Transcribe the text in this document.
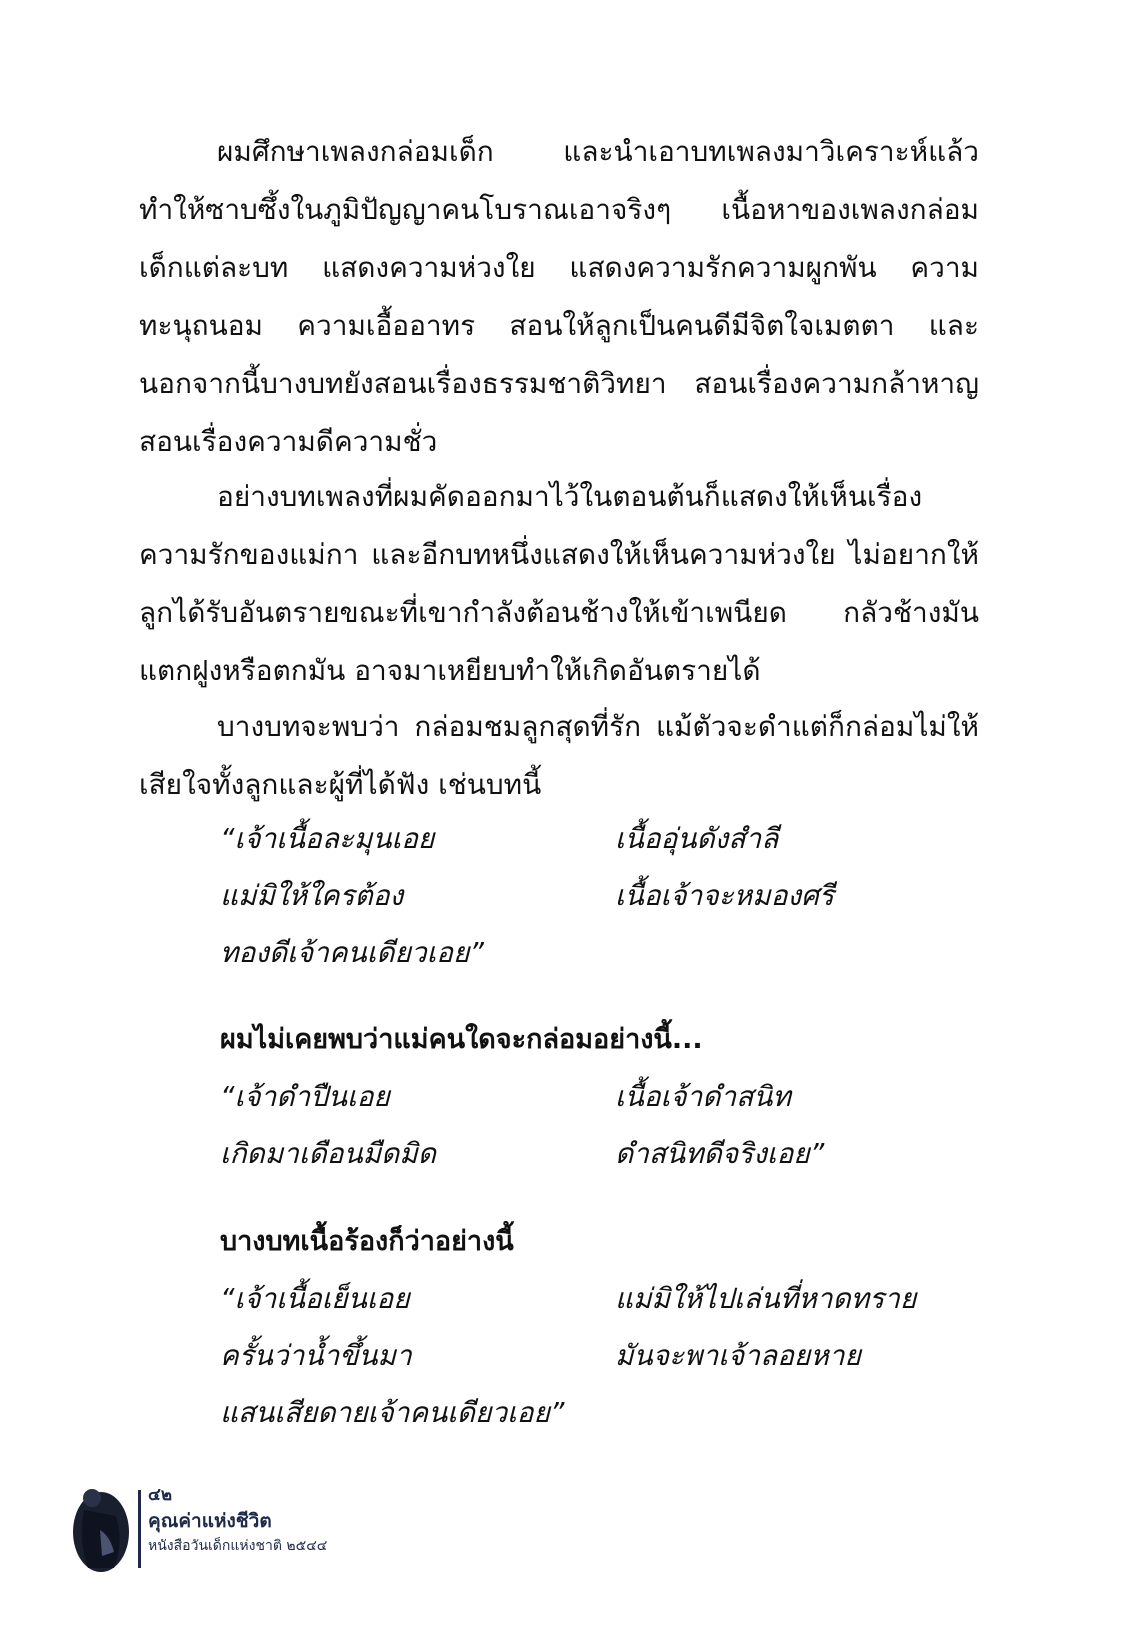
ผมศึกษาเพลงกล่อมเด็ก และนำเอาบทเพลงมาวิเคราะห์แล้ว ทำให้ซาบซึ้งในภูมิปัญญาคนโบราณเอาจริงๆ เนื้อหาของเพลงกล่อมเด็กแต่ละบท แสดงความห่วงใย แสดงความรักความผูกพัน ความทะนุถนอม ความเอื้ออาทร สอนให้ลูกเป็นคนดีมีจิตใจเมตตา และนอกจากนี้บางบทยังสอนเรื่องธรรมชาติวิทยา สอนเรื่องความกล้าหาญ สอนเรื่องความดีความชั่ว
อย่างบทเพลงที่ผมคัดออกมาไว้ในตอนต้นก็แสดงให้เห็นเรื่องความรักของแม่กา และอีกบทหนึ่งแสดงให้เห็นความห่วงใย ไม่อยากให้ลูกได้รับอันตรายขณะที่เขากำลังต้อนช้างให้เข้าเพนียด กลัวช้างมันแตกฝูงหรือตกมัน อาจมาเหยียบทำให้เกิดอันตรายได้
บางบทจะพบว่า กล่อมชมลูกสุดที่รัก แม้ตัวจะดำแต่ก็กล่อมไม่ให้เสียใจทั้งลูกและผู้ที่ได้ฟัง เช่นบทนี้
“เจ้าเนื้อละมุนเอย	เนื้ออุ่นดังสำลี
แม่มิให้ใครต้อง	เนื้อเจ้าจะหมองศรี
ทองดีเจ้าคนเดียวเอย”
ผมไม่เคยพบว่าแม่คนใดจะกล่อมอย่างนี้...
“เจ้าดำปืนเอย	เนื้อเจ้าดำสนิท
เกิดมาเดือนมืดมิด	ดำสนิทดีจริงเอย”
บางบทเนื้อร้องก็ว่าอย่างนี้
“เจ้าเนื้อเย็นเอย	แม่มิให้ไปเล่นที่หาดทราย
ครั้นว่าน้ำขึ้นมา	มันจะพาเจ้าลอยหาย
แสนเสียดายเจ้าคนเดียวเอย”
๔๒
คุณค่าแห่งชีวิต
หนังสือวันเด็กแห่งชาติ ๒๕๔๔
